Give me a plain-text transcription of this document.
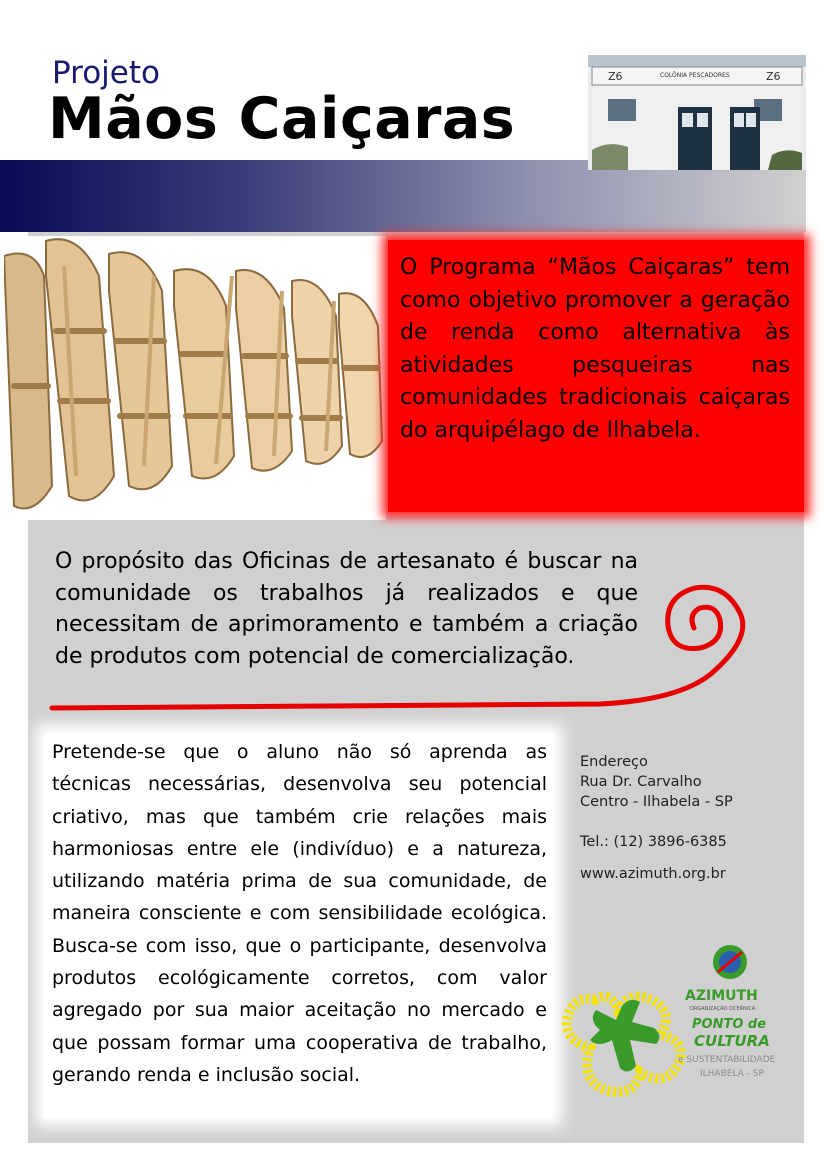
Projeto
Mãos Caiçaras
Z6	Z6
COLÔNIA PESCADORES
O Programa “Mãos Caiçaras” tem como objetivo promover a geração de renda como alternativa às atividades pesqueiras nas comunidades tradicionais caiçaras do arquipélago de Ilhabela.
O propósito das Oficinas de artesanato é buscar na comunidade os trabalhos já realizados e que necessitam de aprimoramento e também a criação de produtos com potencial de comercialização.
Pretende-se que o aluno não só aprenda as técnicas necessárias, desenvolva seu potencial criativo, mas que também crie relações mais harmoniosas entre ele (indivíduo) e a natureza, utilizando matéria prima de sua comunidade, de maneira consciente e com sensibilidade ecológica. Busca-se com isso, que o participante, desenvolva produtos ecológicamente corretos, com valor agregado por sua maior aceitação no mercado e que possam formar uma cooperativa de trabalho, gerando renda e inclusão social.
Endereço
Rua Dr. Carvalho
Centro - Ilhabela - SP
Tel.: (12) 3896-6385
www.azimuth.org.br
AZIMUTH
ORGANIZAÇÃO OCEÂNICA
PONTO de
CULTURA
e SUSTENTABILIDADE
ILHABELA - SP
